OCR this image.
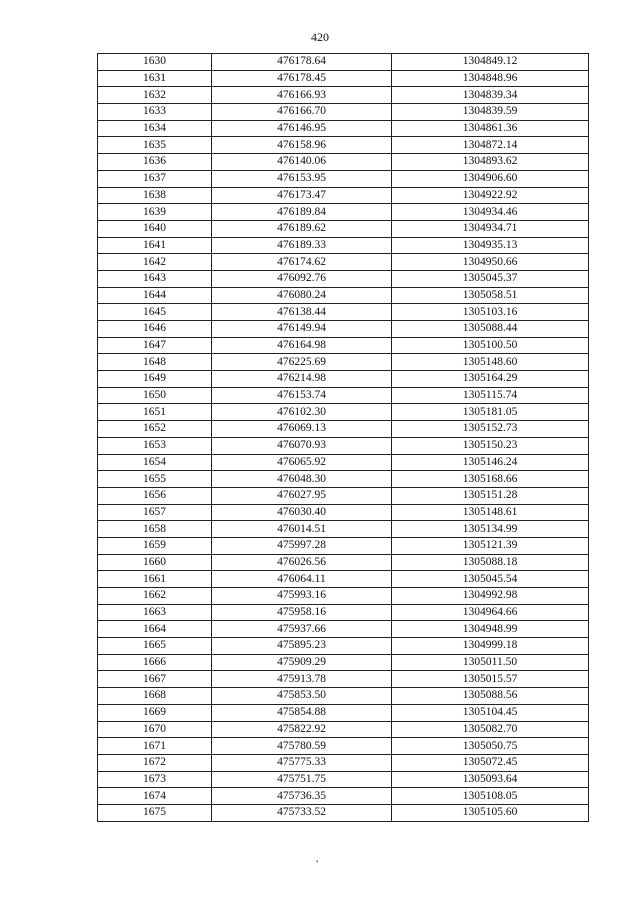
420
1630	476178.64	1304849.12
1631	476178.45	1304848.96
1632	476166.93	1304839.34
1633	476166.70	1304839.59
1634	476146.95	1304861.36
1635	476158.96	1304872.14
1636	476140.06	1304893.62
1637	476153.95	1304906.60
1638	476173.47	1304922.92
1639	476189.84	1304934.46
1640	476189.62	1304934.71
1641	476189.33	1304935.13
1642	476174.62	1304950.66
1643	476092.76	1305045.37
1644	476080.24	1305058.51
1645	476138.44	1305103.16
1646	476149.94	1305088.44
1647	476164.98	1305100.50
1648	476225.69	1305148.60
1649	476214.98	1305164.29
1650	476153.74	1305115.74
1651	476102.30	1305181.05
1652	476069.13	1305152.73
1653	476070.93	1305150.23
1654	476065.92	1305146.24
1655	476048.30	1305168.66
1656	476027.95	1305151.28
1657	476030.40	1305148.61
1658	476014.51	1305134.99
1659	475997.28	1305121.39
1660	476026.56	1305088.18
1661	476064.11	1305045.54
1662	475993.16	1304992.98
1663	475958.16	1304964.66
1664	475937.66	1304948.99
1665	475895.23	1304999.18
1666	475909.29	1305011.50
1667	475913.78	1305015.57
1668	475853.50	1305088.56
1669	475854.88	1305104.45
1670	475822.92	1305082.70
1671	475780.59	1305050.75
1672	475775.33	1305072.45
1673	475751.75	1305093.64
1674	475736.35	1305108.05
1675	475733.52	1305105.60
•
